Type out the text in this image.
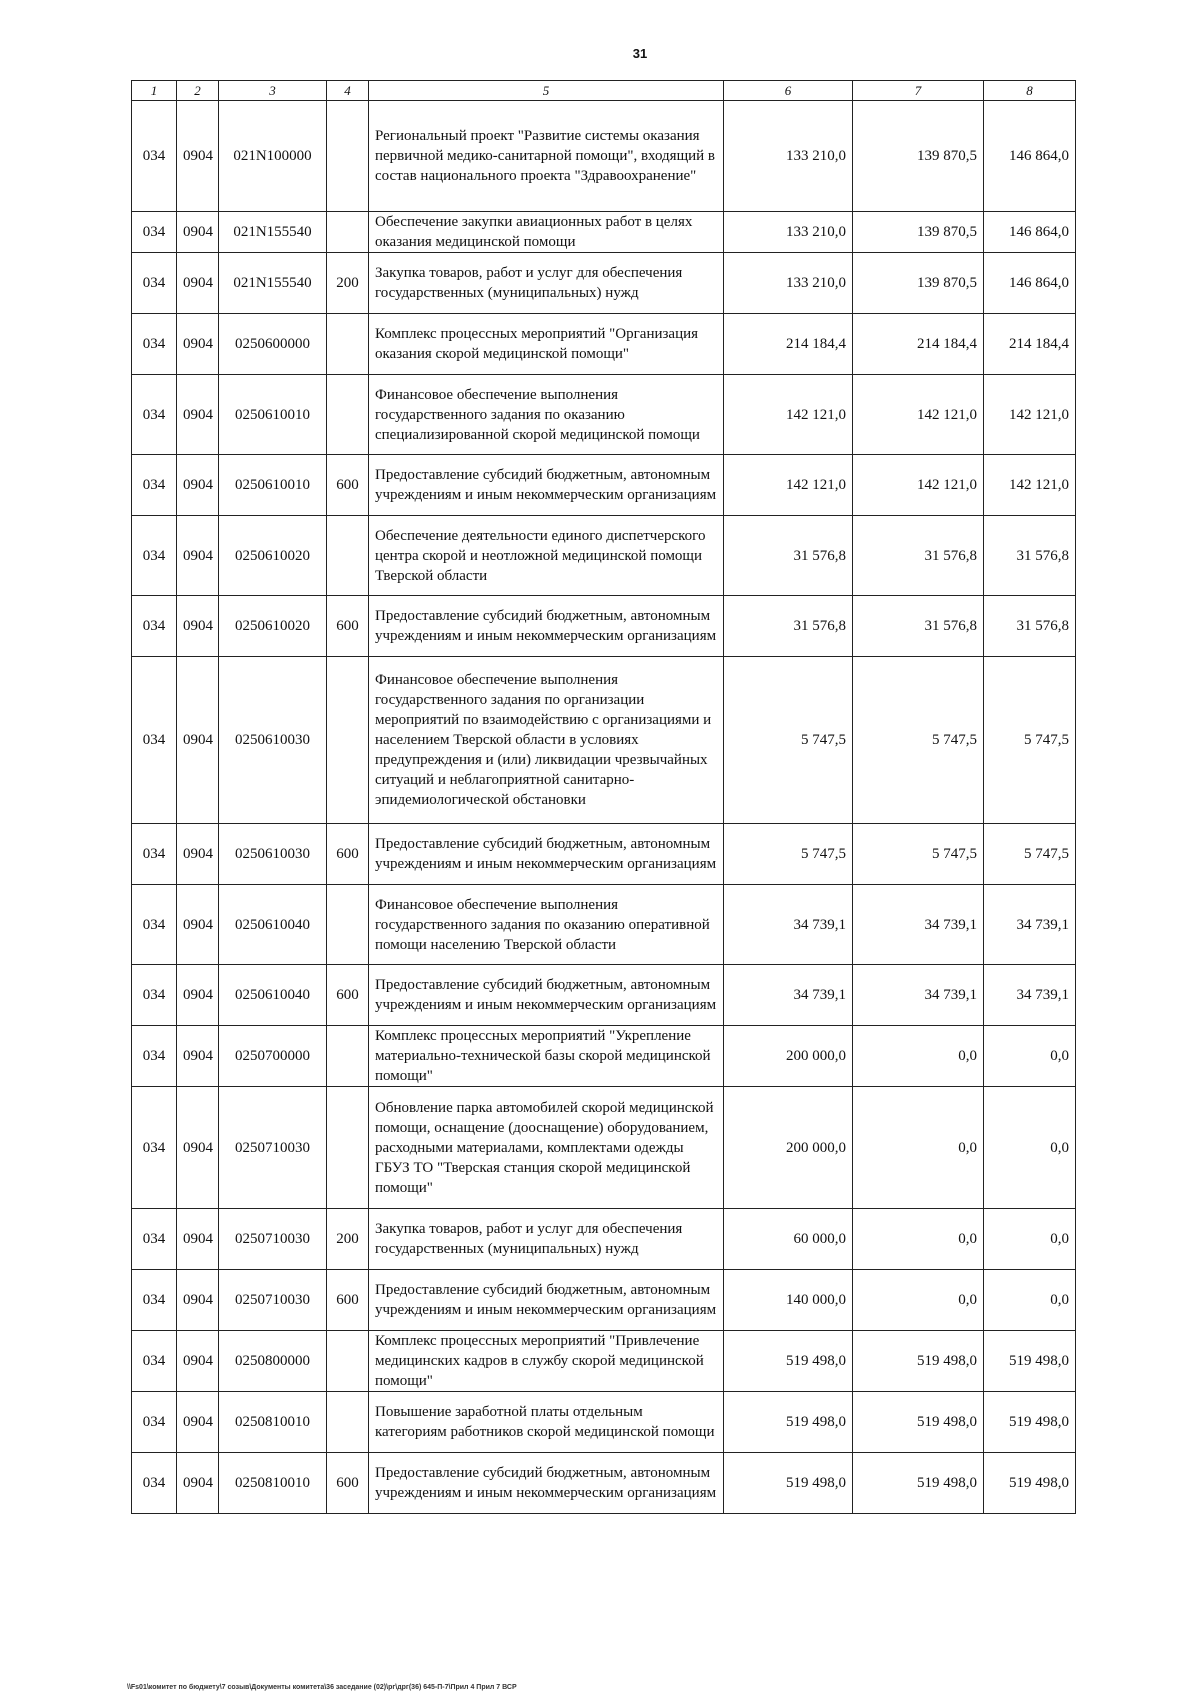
31
1	2	3	4	5	6	7	8
034	0904	021N100000		Региональный проект "Развитие системы оказания первичной медико-санитарной помощи", входящий в состав национального проекта "Здравоохранение"	133 210,0	139 870,5	146 864,0
034	0904	021N155540		Обеспечение закупки авиационных работ в целях оказания медицинской помощи	133 210,0	139 870,5	146 864,0
034	0904	021N155540	200	Закупка товаров, работ и услуг для обеспечения государственных (муниципальных) нужд	133 210,0	139 870,5	146 864,0
034	0904	0250600000		Комплекс процессных мероприятий "Организация оказания скорой медицинской помощи"	214 184,4	214 184,4	214 184,4
034	0904	0250610010		Финансовое обеспечение выполнения государственного задания по оказанию специализированной скорой медицинской помощи	142 121,0	142 121,0	142 121,0
034	0904	0250610010	600	Предоставление субсидий бюджетным, автономным учреждениям и иным некоммерческим организациям	142 121,0	142 121,0	142 121,0
034	0904	0250610020		Обеспечение деятельности единого диспетчерского центра скорой и неотложной медицинской помощи Тверской области	31 576,8	31 576,8	31 576,8
034	0904	0250610020	600	Предоставление субсидий бюджетным, автономным учреждениям и иным некоммерческим организациям	31 576,8	31 576,8	31 576,8
034	0904	0250610030		Финансовое обеспечение выполнения государственного задания по организации мероприятий по взаимодействию с организациями и населением Тверской области в условиях предупреждения и (или) ликвидации чрезвычайных ситуаций и неблагоприятной санитарно-эпидемиологической обстановки	5 747,5	5 747,5	5 747,5
034	0904	0250610030	600	Предоставление субсидий бюджетным, автономным учреждениям и иным некоммерческим организациям	5 747,5	5 747,5	5 747,5
034	0904	0250610040		Финансовое обеспечение выполнения государственного задания по оказанию оперативной помощи населению Тверской области	34 739,1	34 739,1	34 739,1
034	0904	0250610040	600	Предоставление субсидий бюджетным, автономным учреждениям и иным некоммерческим организациям	34 739,1	34 739,1	34 739,1
034	0904	0250700000		Комплекс процессных мероприятий "Укрепление материально-технической базы скорой медицинской помощи"	200 000,0	0,0	0,0
034	0904	0250710030		Обновление парка автомобилей скорой медицинской помощи, оснащение (дооснащение) оборудованием, расходными материалами, комплектами одежды ГБУЗ ТО "Тверская станция скорой медицинской помощи"	200 000,0	0,0	0,0
034	0904	0250710030	200	Закупка товаров, работ и услуг для обеспечения государственных (муниципальных) нужд	60 000,0	0,0	0,0
034	0904	0250710030	600	Предоставление субсидий бюджетным, автономным учреждениям и иным некоммерческим организациям	140 000,0	0,0	0,0
034	0904	0250800000		Комплекс процессных мероприятий "Привлечение медицинских кадров в службу скорой медицинской помощи"	519 498,0	519 498,0	519 498,0
034	0904	0250810010		Повышение заработной платы отдельным категориям работников скорой медицинской помощи	519 498,0	519 498,0	519 498,0
034	0904	0250810010	600	Предоставление субсидий бюджетным, автономным учреждениям и иным некоммерческим организациям	519 498,0	519 498,0	519 498,0
\\Fs01\комитет по бюджету\7 созыв\Документы комитета\36 заседание (02)\рг\дрг(36) 645-П-7\Прил 4 Прил 7 ВСР
